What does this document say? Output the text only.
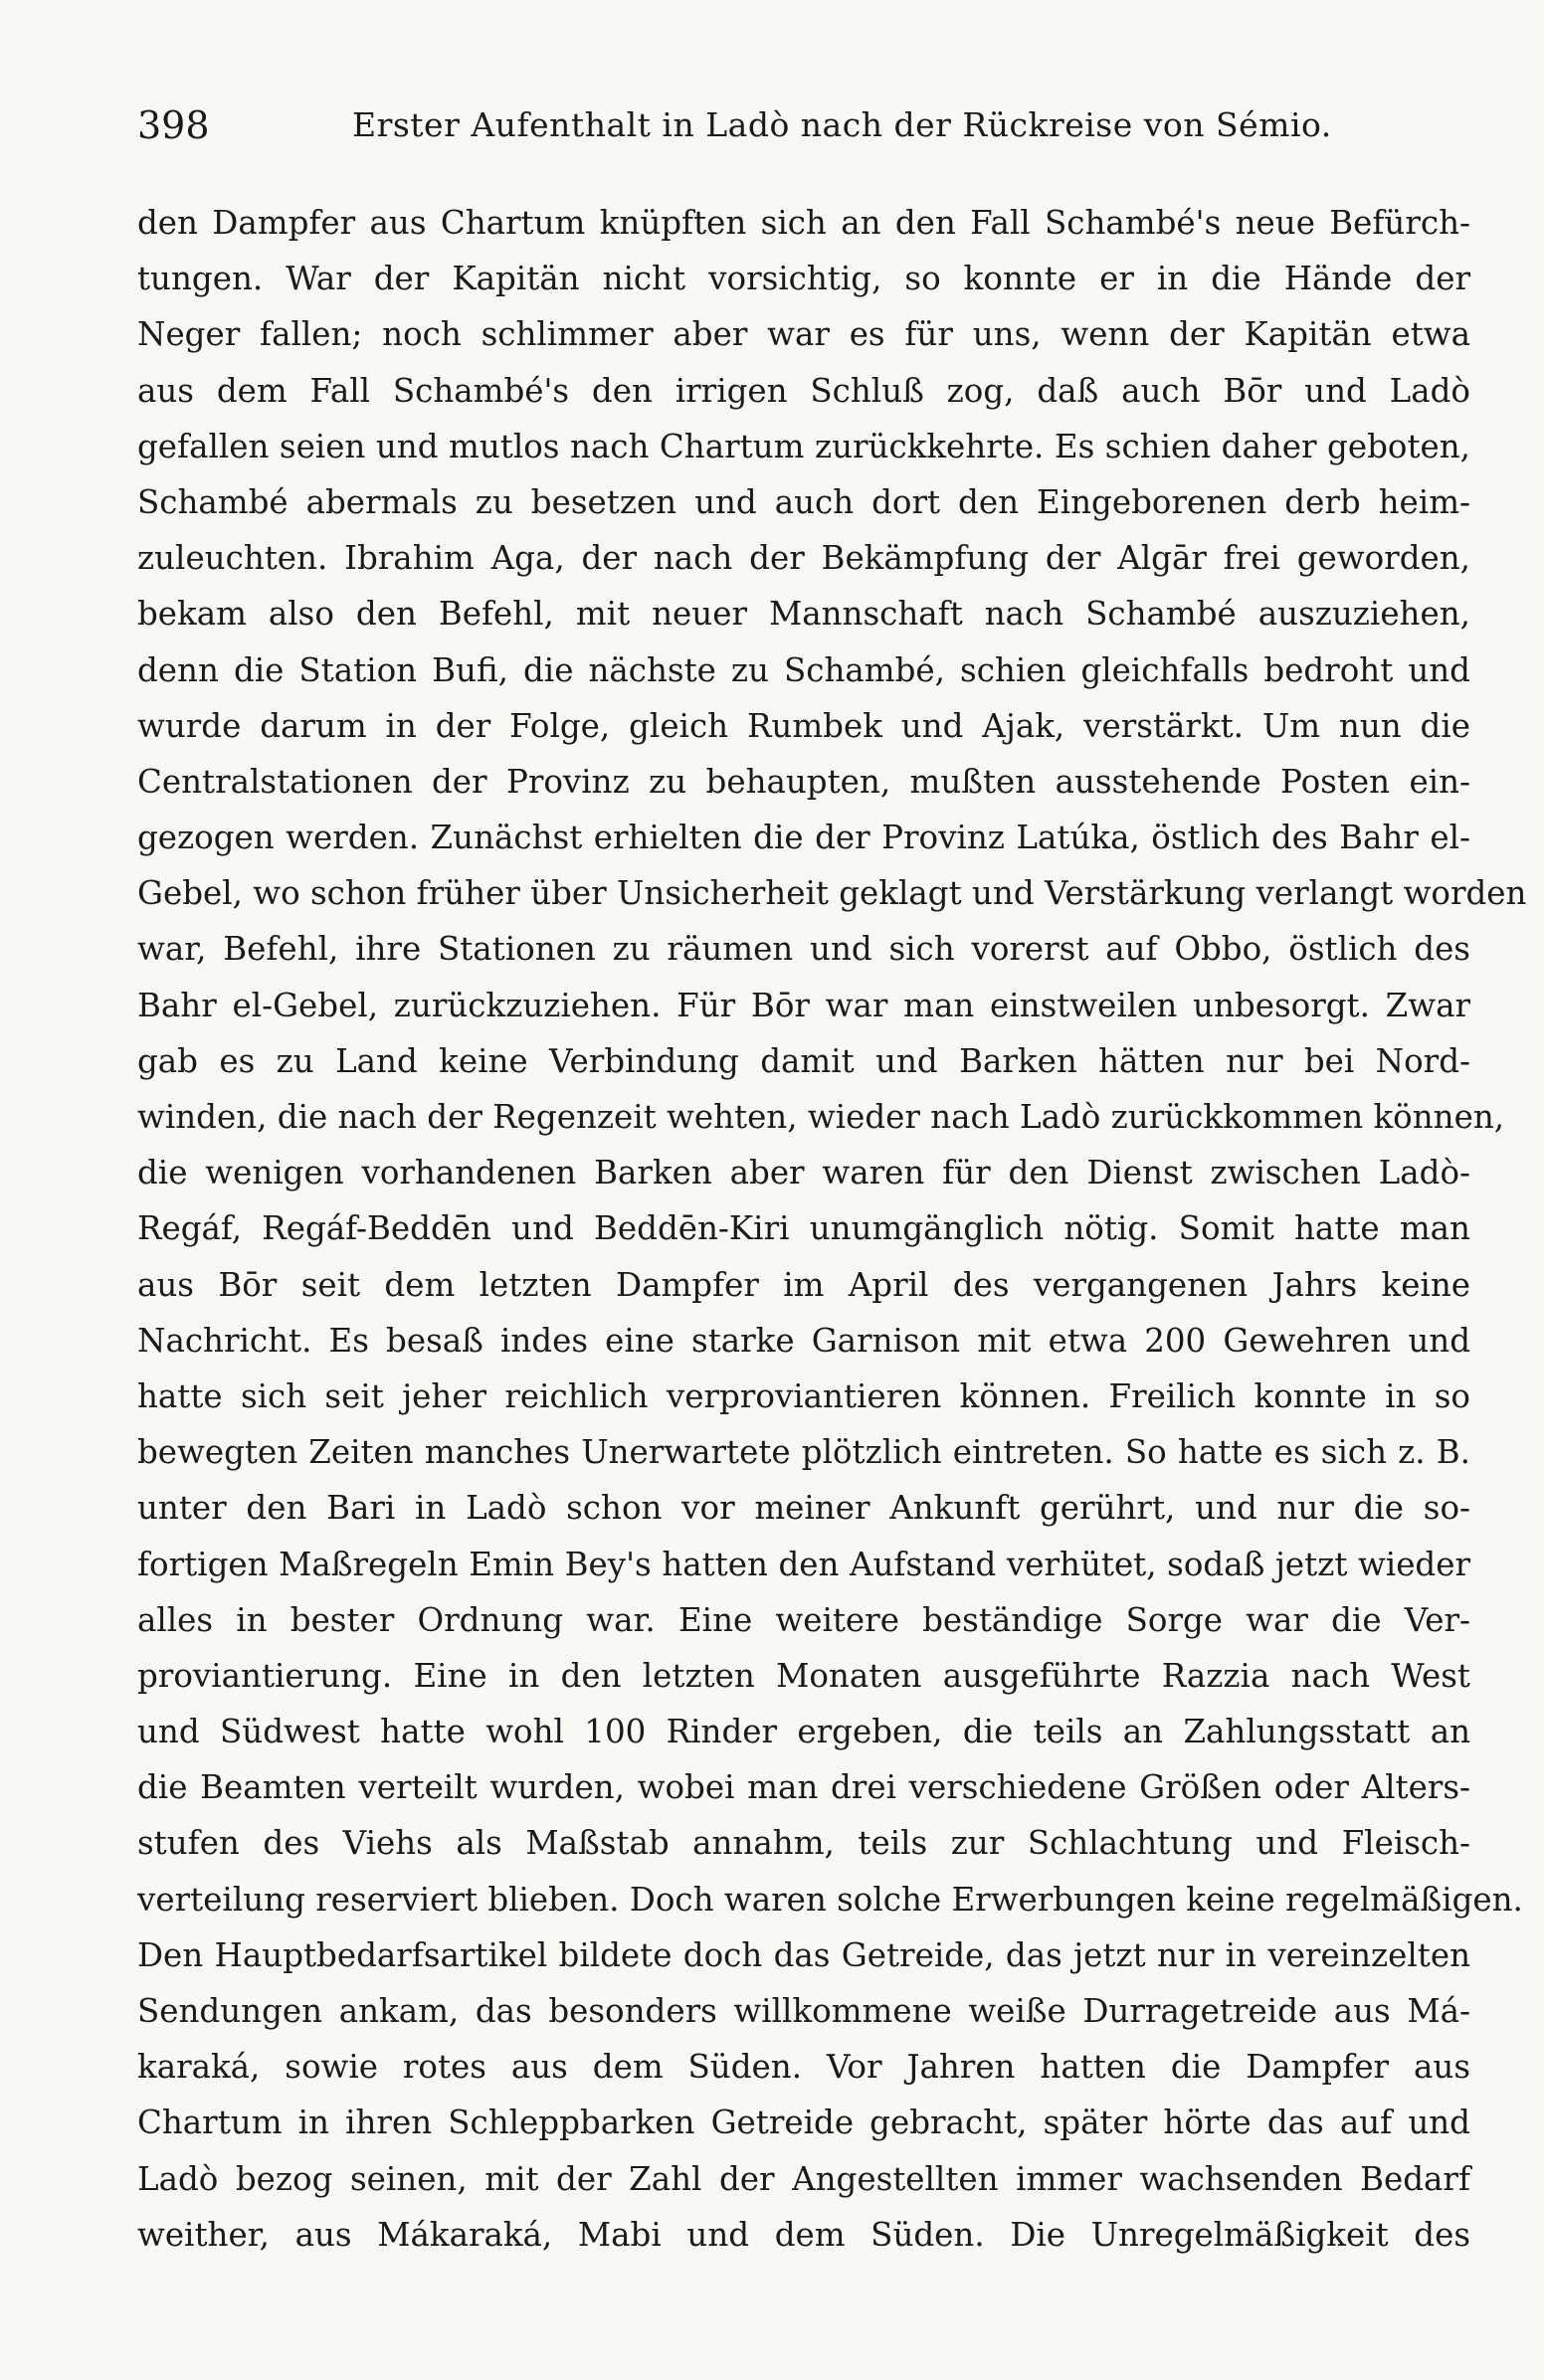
398	Erster Aufenthalt in Ladò nach der Rückreise von Sémio.
den Dampfer aus Chartum knüpften sich an den Fall Schambé's neue Befürch-
tungen. War der Kapitän nicht vorsichtig, so konnte er in die Hände der
Neger fallen; noch schlimmer aber war es für uns, wenn der Kapitän etwa
aus dem Fall Schambé's den irrigen Schluß zog, daß auch Bōr und Ladò
gefallen seien und mutlos nach Chartum zurückkehrte. Es schien daher geboten,
Schambé abermals zu besetzen und auch dort den Eingeborenen derb heim-
zuleuchten. Ibrahim Aga, der nach der Bekämpfung der Algār frei geworden,
bekam also den Befehl, mit neuer Mannschaft nach Schambé auszuziehen,
denn die Station Bufi, die nächste zu Schambé, schien gleichfalls bedroht und
wurde darum in der Folge, gleich Rumbek und Ajak, verstärkt. Um nun die
Centralstationen der Provinz zu behaupten, mußten ausstehende Posten ein-
gezogen werden. Zunächst erhielten die der Provinz Latúka, östlich des Bahr el-
Gebel, wo schon früher über Unsicherheit geklagt und Verstärkung verlangt worden
war, Befehl, ihre Stationen zu räumen und sich vorerst auf Obbo, östlich des
Bahr el-Gebel, zurückzuziehen. Für Bōr war man einstweilen unbesorgt. Zwar
gab es zu Land keine Verbindung damit und Barken hätten nur bei Nord-
winden, die nach der Regenzeit wehten, wieder nach Ladò zurückkommen können,
die wenigen vorhandenen Barken aber waren für den Dienst zwischen Ladò-
Regáf, Regáf-Beddēn und Beddēn-Kiri unumgänglich nötig. Somit hatte man
aus Bōr seit dem letzten Dampfer im April des vergangenen Jahrs keine
Nachricht. Es besaß indes eine starke Garnison mit etwa 200 Gewehren und
hatte sich seit jeher reichlich verproviantieren können. Freilich konnte in so
bewegten Zeiten manches Unerwartete plötzlich eintreten. So hatte es sich z. B.
unter den Bari in Ladò schon vor meiner Ankunft gerührt, und nur die so-
fortigen Maßregeln Emin Bey's hatten den Aufstand verhütet, sodaß jetzt wieder
alles in bester Ordnung war. Eine weitere beständige Sorge war die Ver-
proviantierung. Eine in den letzten Monaten ausgeführte Razzia nach West
und Südwest hatte wohl 100 Rinder ergeben, die teils an Zahlungsstatt an
die Beamten verteilt wurden, wobei man drei verschiedene Größen oder Alters-
stufen des Viehs als Maßstab annahm, teils zur Schlachtung und Fleisch-
verteilung reserviert blieben. Doch waren solche Erwerbungen keine regelmäßigen.
Den Hauptbedarfsartikel bildete doch das Getreide, das jetzt nur in vereinzelten
Sendungen ankam, das besonders willkommene weiße Durragetreide aus Má-
karaká, sowie rotes aus dem Süden. Vor Jahren hatten die Dampfer aus
Chartum in ihren Schleppbarken Getreide gebracht, später hörte das auf und
Ladò bezog seinen, mit der Zahl der Angestellten immer wachsenden Bedarf
weither, aus Mákaraká, Mabi und dem Süden. Die Unregelmäßigkeit des
